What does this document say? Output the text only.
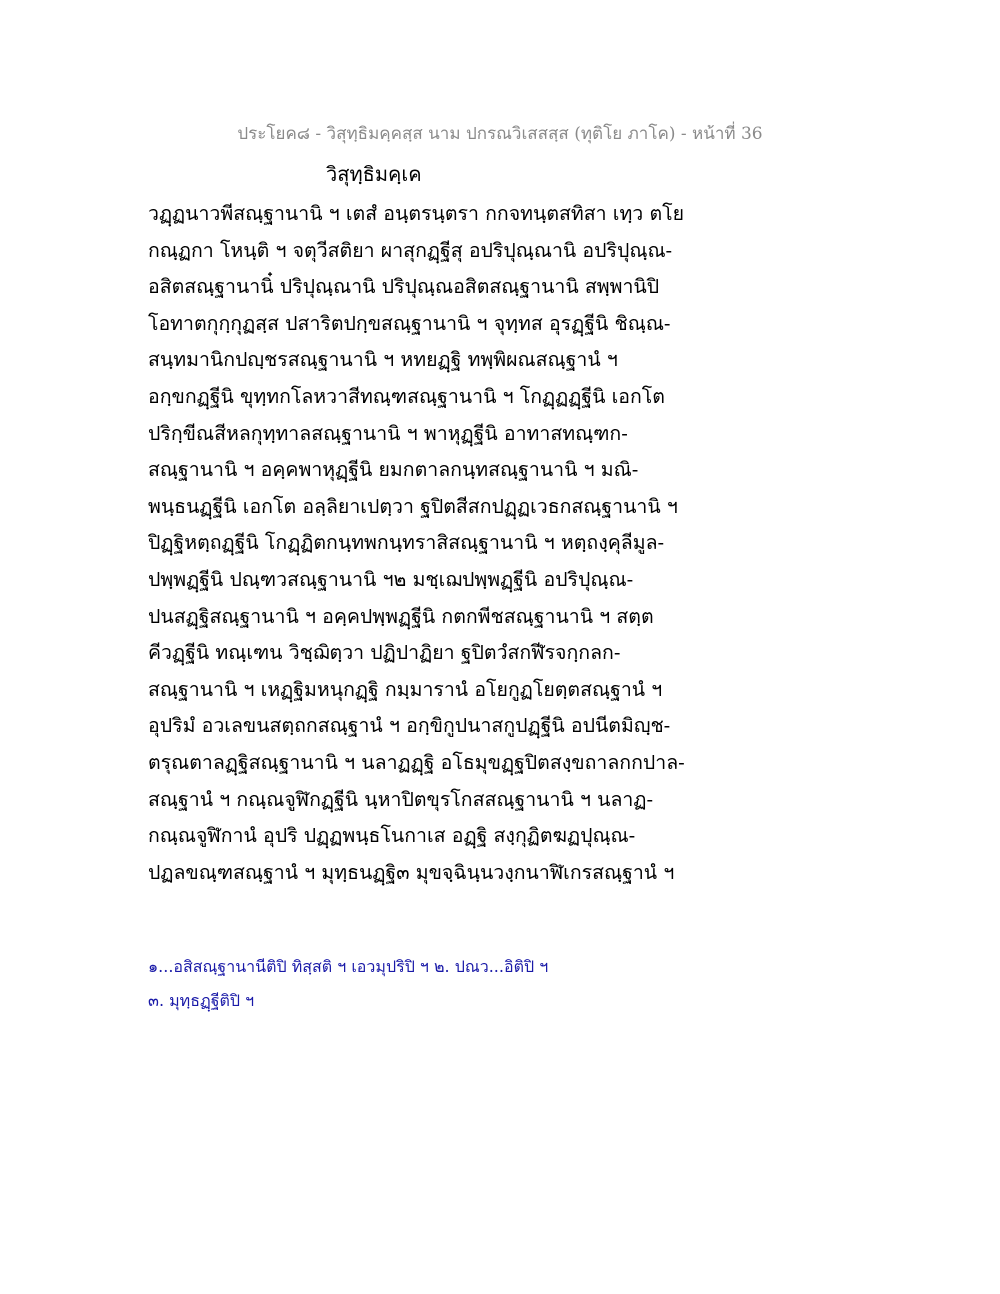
ประโยค๘ - วิสุทฺธิมคฺคสฺส นาม ปกรณวิเสสสฺส (ทุติโย ภาโค) - หน้าที่ 36
วิสุทฺธิมคฺเค
วฏฺฏนาวพีสณฺฐานานิ ฯ เตสํ อนฺตรนฺตรา กกจทนฺตสทิสา เทฺว ตโย
กณฺฏกา โหนฺติ ฯ จตุวีสติยา ผาสุกฏฺฐีสุ อปริปุณฺณานิ อปริปุณฺณ-
อสิตสณฺฐานานิ๋ ปริปุณฺณานิ ปริปุณฺณอสิตสณฺฐานานิ สพฺพานิปิ
โอทาตกุกฺกุฏสฺส ปสาริตปกฺขสณฺฐานานิ ฯ จุทฺทส อุรฏฺฐีนิ ชิณฺณ-
สนฺทมานิกปญฺชรสณฺฐานานิ ฯ หทยฏฺฐิ ทพฺพิผณสณฺฐานํ ฯ
อกฺขกฏฺฐีนิ ขุทฺทกโลหวาสีทณฺฑสณฺฐานานิ ฯ โกฏฺฏฏฺฐีนิ เอกโต
ปริกฺขีณสีหลกุทฺทาลสณฺฐานานิ ฯ พาหุฏฺฐีนิ อาทาสทณฺฑก-
สณฺฐานานิ ฯ อคฺคพาหุฏฺฐีนิ ยมกตาลกนฺทสณฺฐานานิ ฯ มณิ-
พนฺธนฏฺฐีนิ เอกโต อลฺลิยาเปตฺวา ฐปิตสีสกปฏฺฏเวธกสณฺฐานานิ ฯ
ปิฏฺฐิหตฺถฏฺฐีนิ โกฏฺฏิตกนฺทพกนฺทราสิสณฺฐานานิ ฯ หตฺถงฺคุลีมูล-
ปพฺพฏฺฐีนิ ปณฺฑวสณฺฐานานิ ฯ๒ มชฺเฌปพฺพฏฺฐีนิ อปริปุณฺณ-
ปนสฏฺฐิสณฺฐานานิ ฯ อคฺคปพฺพฏฺฐีนิ กตกพีชสณฺฐานานิ ฯ สตฺต
คีวฏฺฐีนิ ทณฺเฑน วิชฺฌิตฺวา ปฏิปาฏิยา ฐปิตวํสกฬีรจกฺกลก-
สณฺฐานานิ ฯ เหฏฺฐิมหนุกฏฺฐิ กมฺมารานํ อโยกูฏโยตฺตสณฺฐานํ ฯ
อุปริมํ อวเลขนสตฺถกสณฺฐานํ ฯ อกฺขิกูปนาสกูปฏฺฐีนิ อปนีตมิญฺช-
ตรุณตาลฏฺฐิสณฺฐานานิ ฯ นลาฏฏฺฐิ อโธมุขฏฺฐปิตสงฺขถาลกกปาล-
สณฺฐานํ ฯ กณฺณจูฬิกฏฺฐีนิ นฺหาปิตขุรโกสสณฺฐานานิ ฯ นลาฏ-
กณฺณจูฬิกานํ อุปริ ปฏฺฏพนฺธโนกาเส อฏฺฐิ สงฺกุฏิตฆฏปุณฺณ-
ปฏลขณฺฑสณฺฐานํ ฯ มุทฺธนฏฺฐิ๓ มุขจฺฉินฺนวงฺกนาฬิเกรสณฺฐานํ ฯ
๑...อสิสณฺฐานานีติปิ ทิสฺสติ ฯ เอวมุปริปิ ฯ ๒. ปณว...อิติปิ ฯ
๓. มุทฺธฏฺฐีติปิ ฯ
